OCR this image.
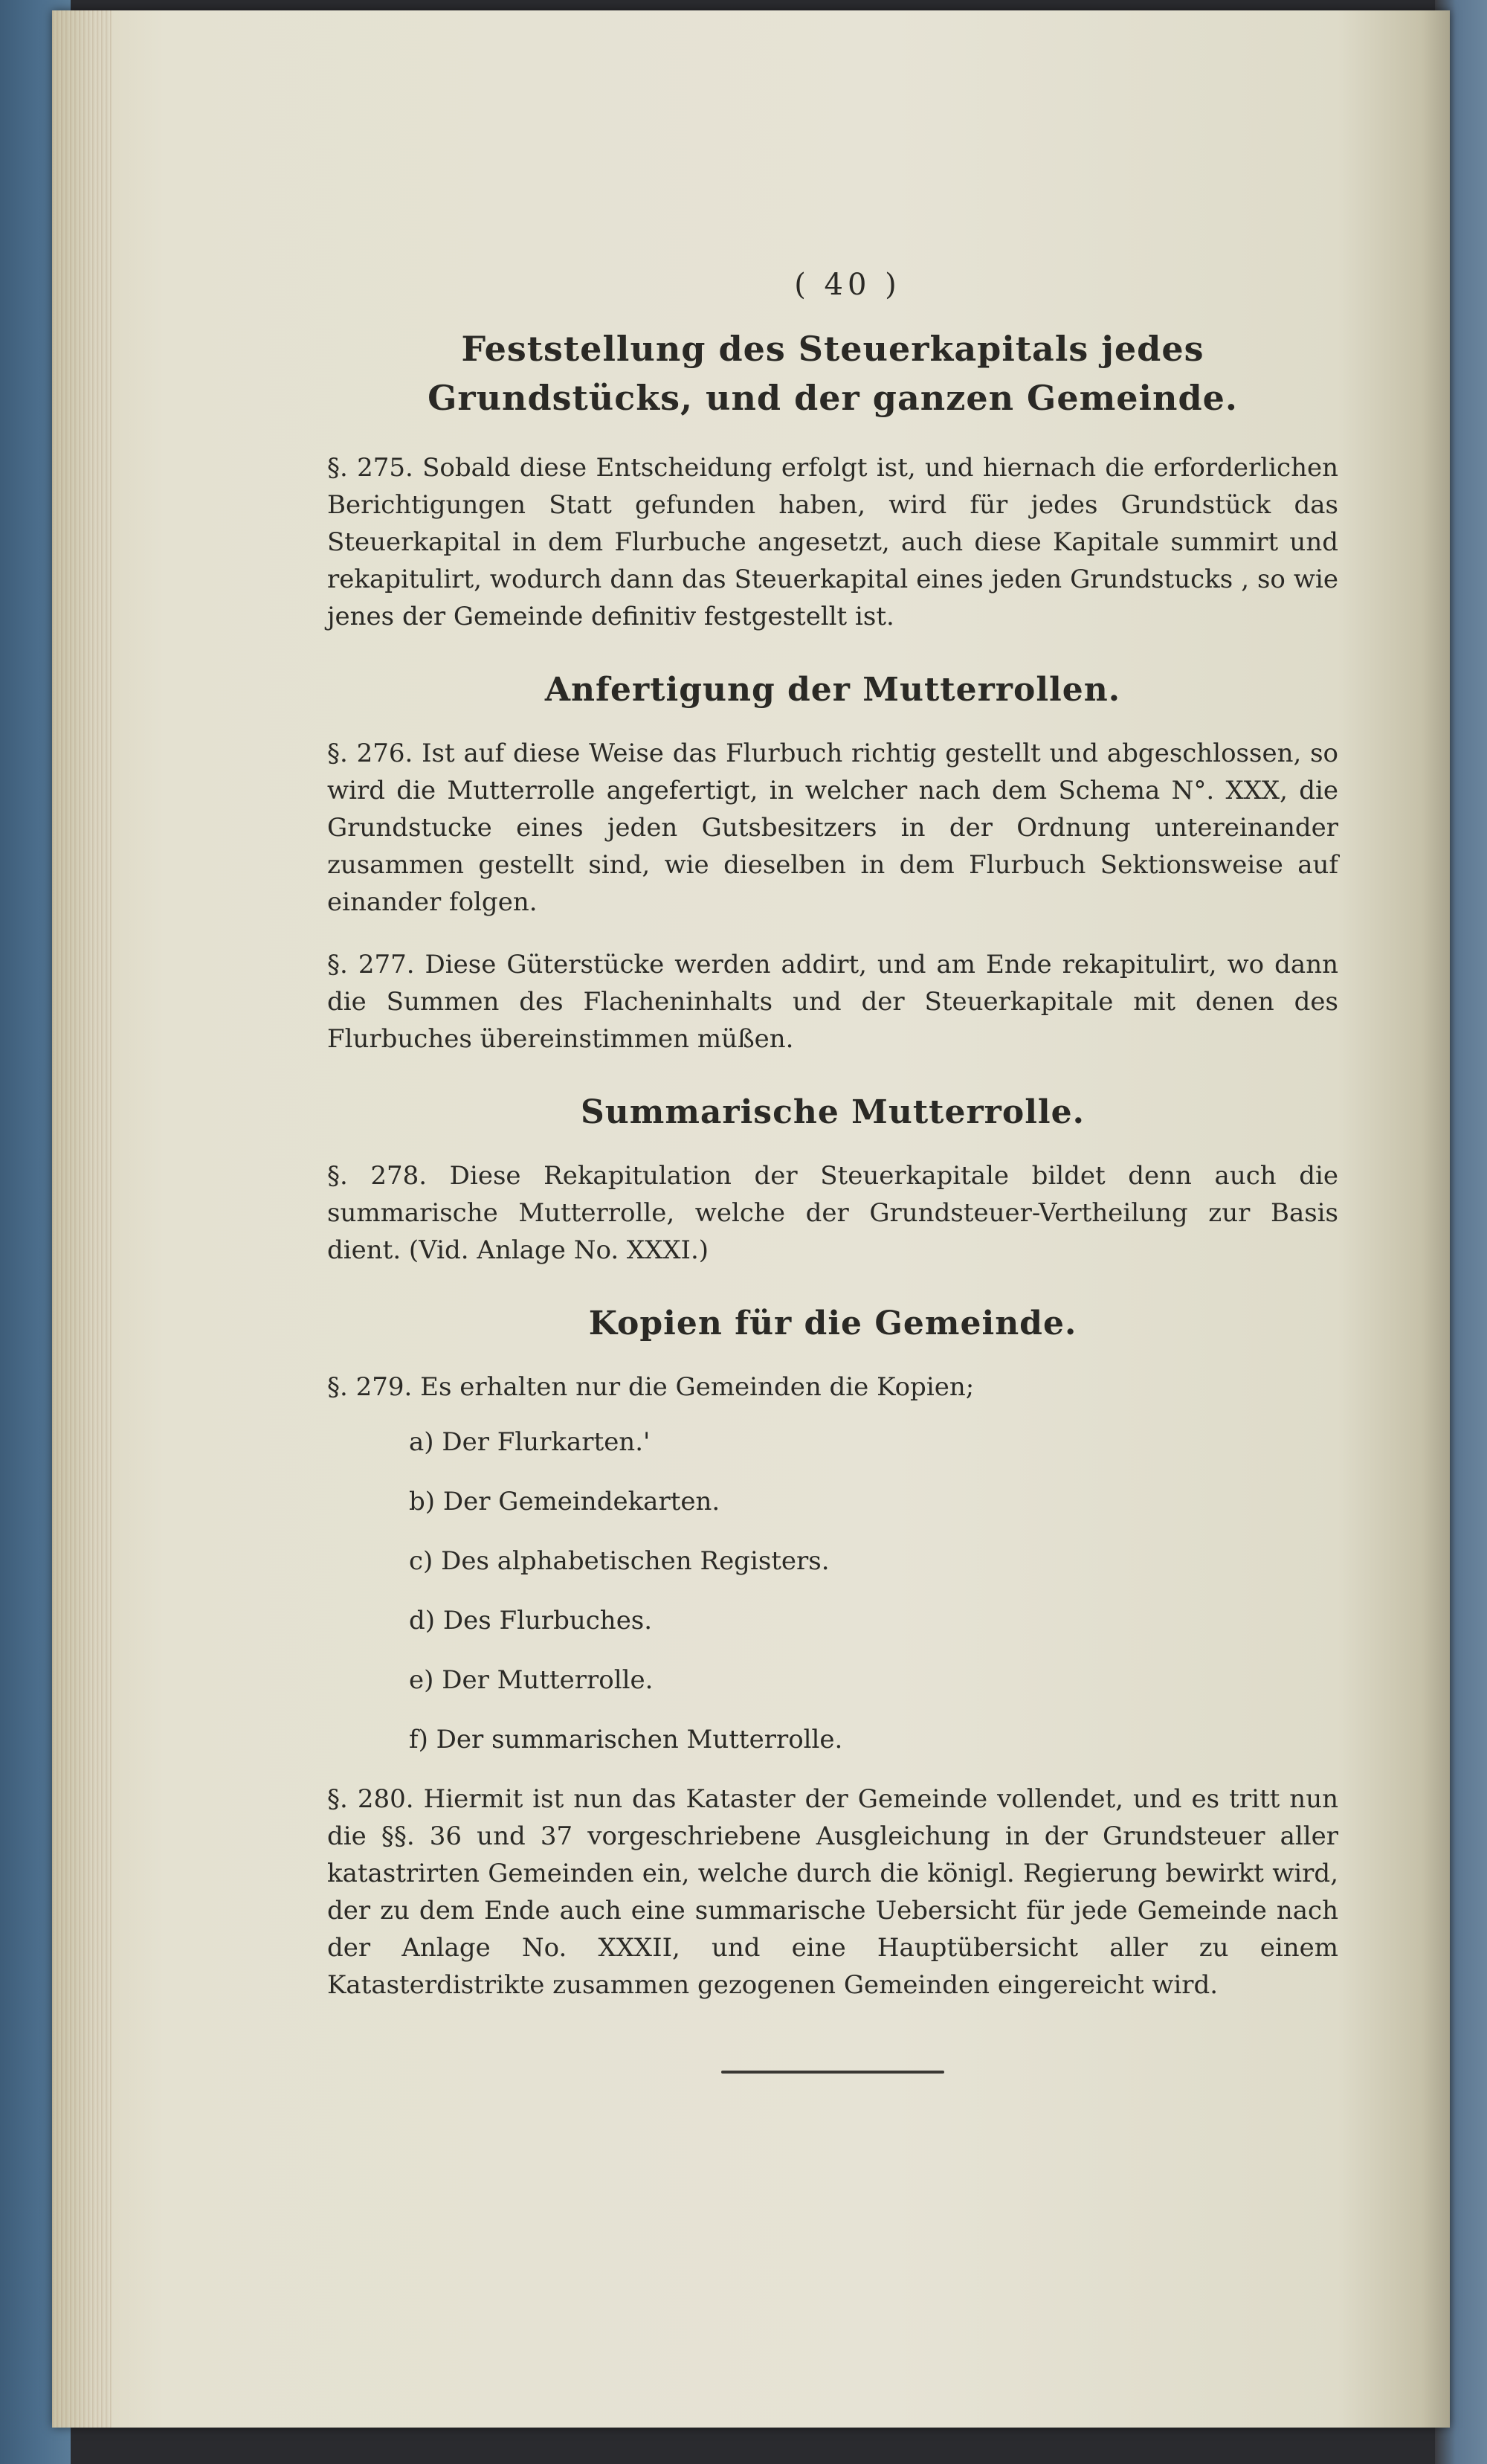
( 40 )
Feststellung des Steuerkapitals jedes Grundstücks, und der ganzen Gemeinde.

§. 275. Sobald diese Entscheidung erfolgt ist, und hiernach die erforderlichen Berichtigungen Statt gefunden haben, wird für jedes Grundstück das Steuerkapital in dem Flurbuche angesetzt, auch diese Kapitale summirt und rekapitulirt, wodurch dann das Steuerkapital eines jeden Grundstucks , so wie jenes der Gemeinde definitiv festgestellt ist.

Anfertigung der Mutterrollen.

§. 276. Ist auf diese Weise das Flurbuch richtig gestellt und abgeschlossen, so wird die Mutterrolle angefertigt, in welcher nach dem Schema N°. XXX, die Grundstucke eines jeden Gutsbesitzers in der Ordnung untereinander zusammen gestellt sind, wie dieselben in dem Flurbuch Sektionsweise auf einander folgen.

§. 277. Diese Güterstücke werden addirt, und am Ende rekapitulirt, wo dann die Summen des Flacheninhalts und der Steuerkapitale mit denen des Flurbuches übereinstimmen müßen.

Summarische Mutterrolle.

§. 278. Diese Rekapitulation der Steuerkapitale bildet denn auch die summarische Mutterrolle, welche der Grundsteuer-Vertheilung zur Basis dient. (Vid. Anlage No. XXXI.)

Kopien für die Gemeinde.

§. 279. Es erhalten nur die Gemeinden die Kopien;

a) Der Flurkarten.'
b) Der Gemeindekarten.
c) Des alphabetischen Registers.
d) Des Flurbuches.
e) Der Mutterrolle.
f) Der summarischen Mutterrolle.

§. 280. Hiermit ist nun das Kataster der Gemeinde vollendet, und es tritt nun die §§. 36 und 37 vorgeschriebene Ausgleichung in der Grundsteuer aller katastrirten Gemeinden ein, welche durch die königl. Regierung bewirkt wird, der zu dem Ende auch eine summarische Uebersicht für jede Gemeinde nach der Anlage No. XXXII, und eine Hauptübersicht aller zu einem Katasterdistrikte zusammen gezogenen Gemeinden eingereicht wird.
